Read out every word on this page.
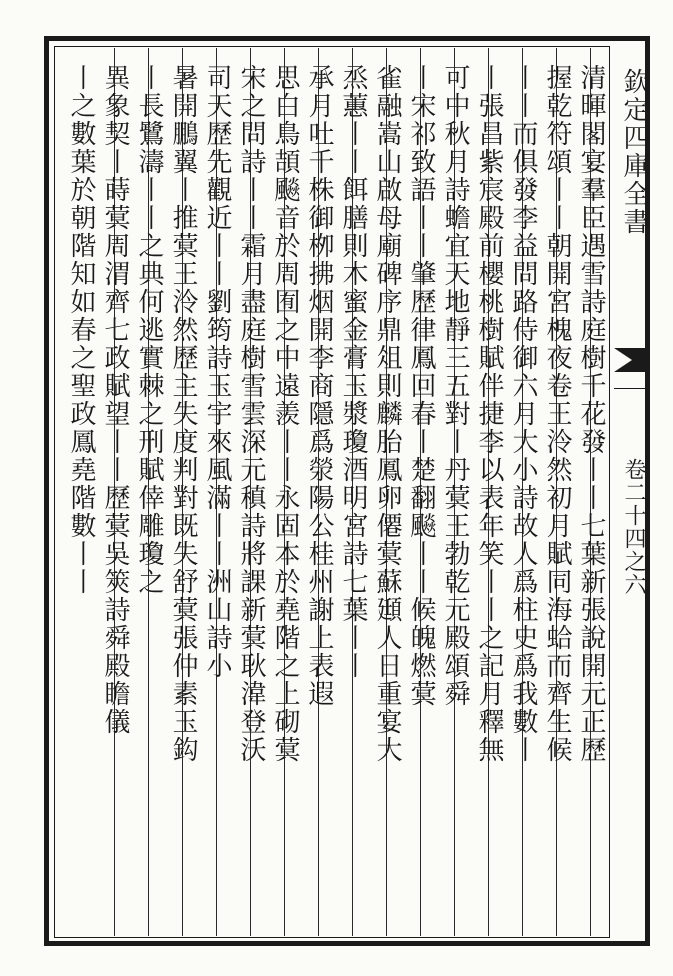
清暉閣宴羣臣遇雪詩庭樹千花發丨丨七葉新張說開元正歷
握乾符頌丨丨朝開宮槐夜卷王泠然初月賦同海蛤而齊生候
丨丨而俱發李益問路侍御六月大小詩故人爲柱史爲我數丨
丨張昌紫宸殿前櫻桃樹賦伴捷李以表年笑丨丨之記月釋無
可中秋月詩蟾宜天地靜三五對丨丹蓂王勃乾元殿頌舜
丨宋祁致語丨丨肇歷律鳳回春丨楚翻飈丨丨候魄燃蓂
雀融嵩山啟母廟碑序鼎俎則麟胎鳳卵僊蓂蘇頲人日重宴大
烝蕙丨丨餌膳則木蜜金膏玉漿瓊酒明宮詩七葉丨丨
承月吐千株御栁拂烟開李商隱爲滎陽公桂州謝上表遐
思白鳥頡飈音於周囿之中遠羨丨丨永固本於堯階之上砌蓂
宋之問詩丨丨霜月盡庭樹雪雲深元稹詩將課新蓂耿湋登沃
司天歷先觀近丨丨劉筠詩玉宇來風滿丨丨洲山詩小
暑開鵬翼丨推蓂王泠然歷主失度判對既失舒蓂張仲素玉鈎
丨長鷺濤丨丨之典何逃實棘之刑賦倖雕瓊之
異象契丨蒔蓂周渭齊七政賦望丨丨歷蓂吳筴詩舜殿瞻儀
丨之數葉於朝階知如春之聖政鳳堯階數丨丨	欽定四庫全書
卷二十四之六
